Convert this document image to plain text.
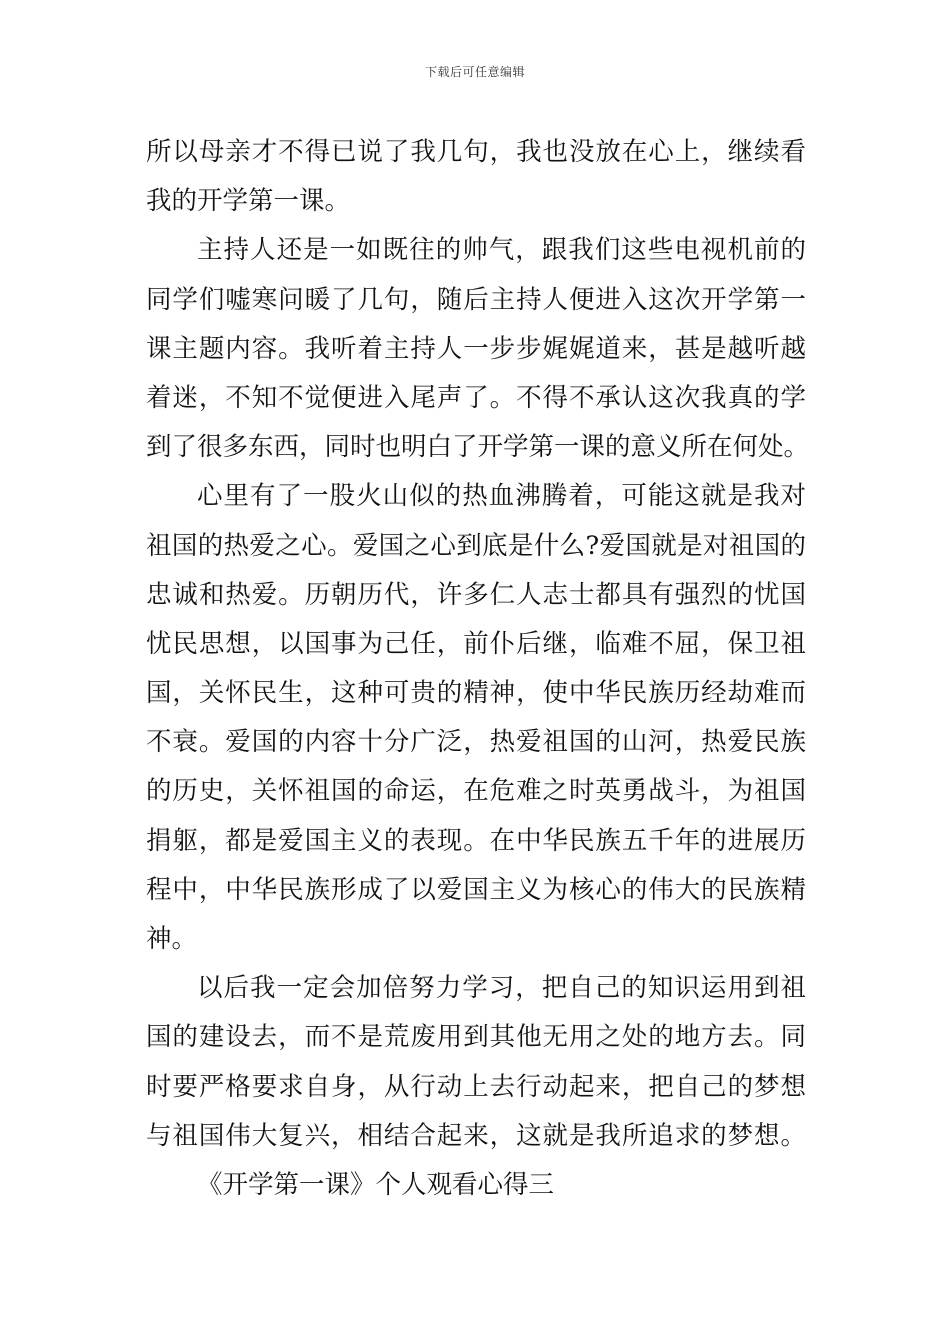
下载后可任意编辑
所以母亲才不得已说了我几句，我也没放在心上，继续看
我的开学第一课。
主持人还是一如既往的帅气，跟我们这些电视机前的
同学们嘘寒问暖了几句，随后主持人便进入这次开学第一
课主题内容。我听着主持人一步步娓娓道来，甚是越听越
着迷，不知不觉便进入尾声了。不得不承认这次我真的学
到了很多东西，同时也明白了开学第一课的意义所在何处。
心里有了一股火山似的热血沸腾着，可能这就是我对
祖国的热爱之心。爱国之心到底是什么?爱国就是对祖国的
忠诚和热爱。历朝历代，许多仁人志士都具有强烈的忧国
忧民思想，以国事为己任，前仆后继，临难不屈，保卫祖
国，关怀民生，这种可贵的精神，使中华民族历经劫难而
不衰。爱国的内容十分广泛，热爱祖国的山河，热爱民族
的历史，关怀祖国的命运，在危难之时英勇战斗，为祖国
捐躯，都是爱国主义的表现。在中华民族五千年的进展历
程中，中华民族形成了以爱国主义为核心的伟大的民族精
神。
以后我一定会加倍努力学习，把自己的知识运用到祖
国的建设去，而不是荒废用到其他无用之处的地方去。同
时要严格要求自身，从行动上去行动起来，把自己的梦想
与祖国伟大复兴，相结合起来，这就是我所追求的梦想。
《开学第一课》个人观看心得三
